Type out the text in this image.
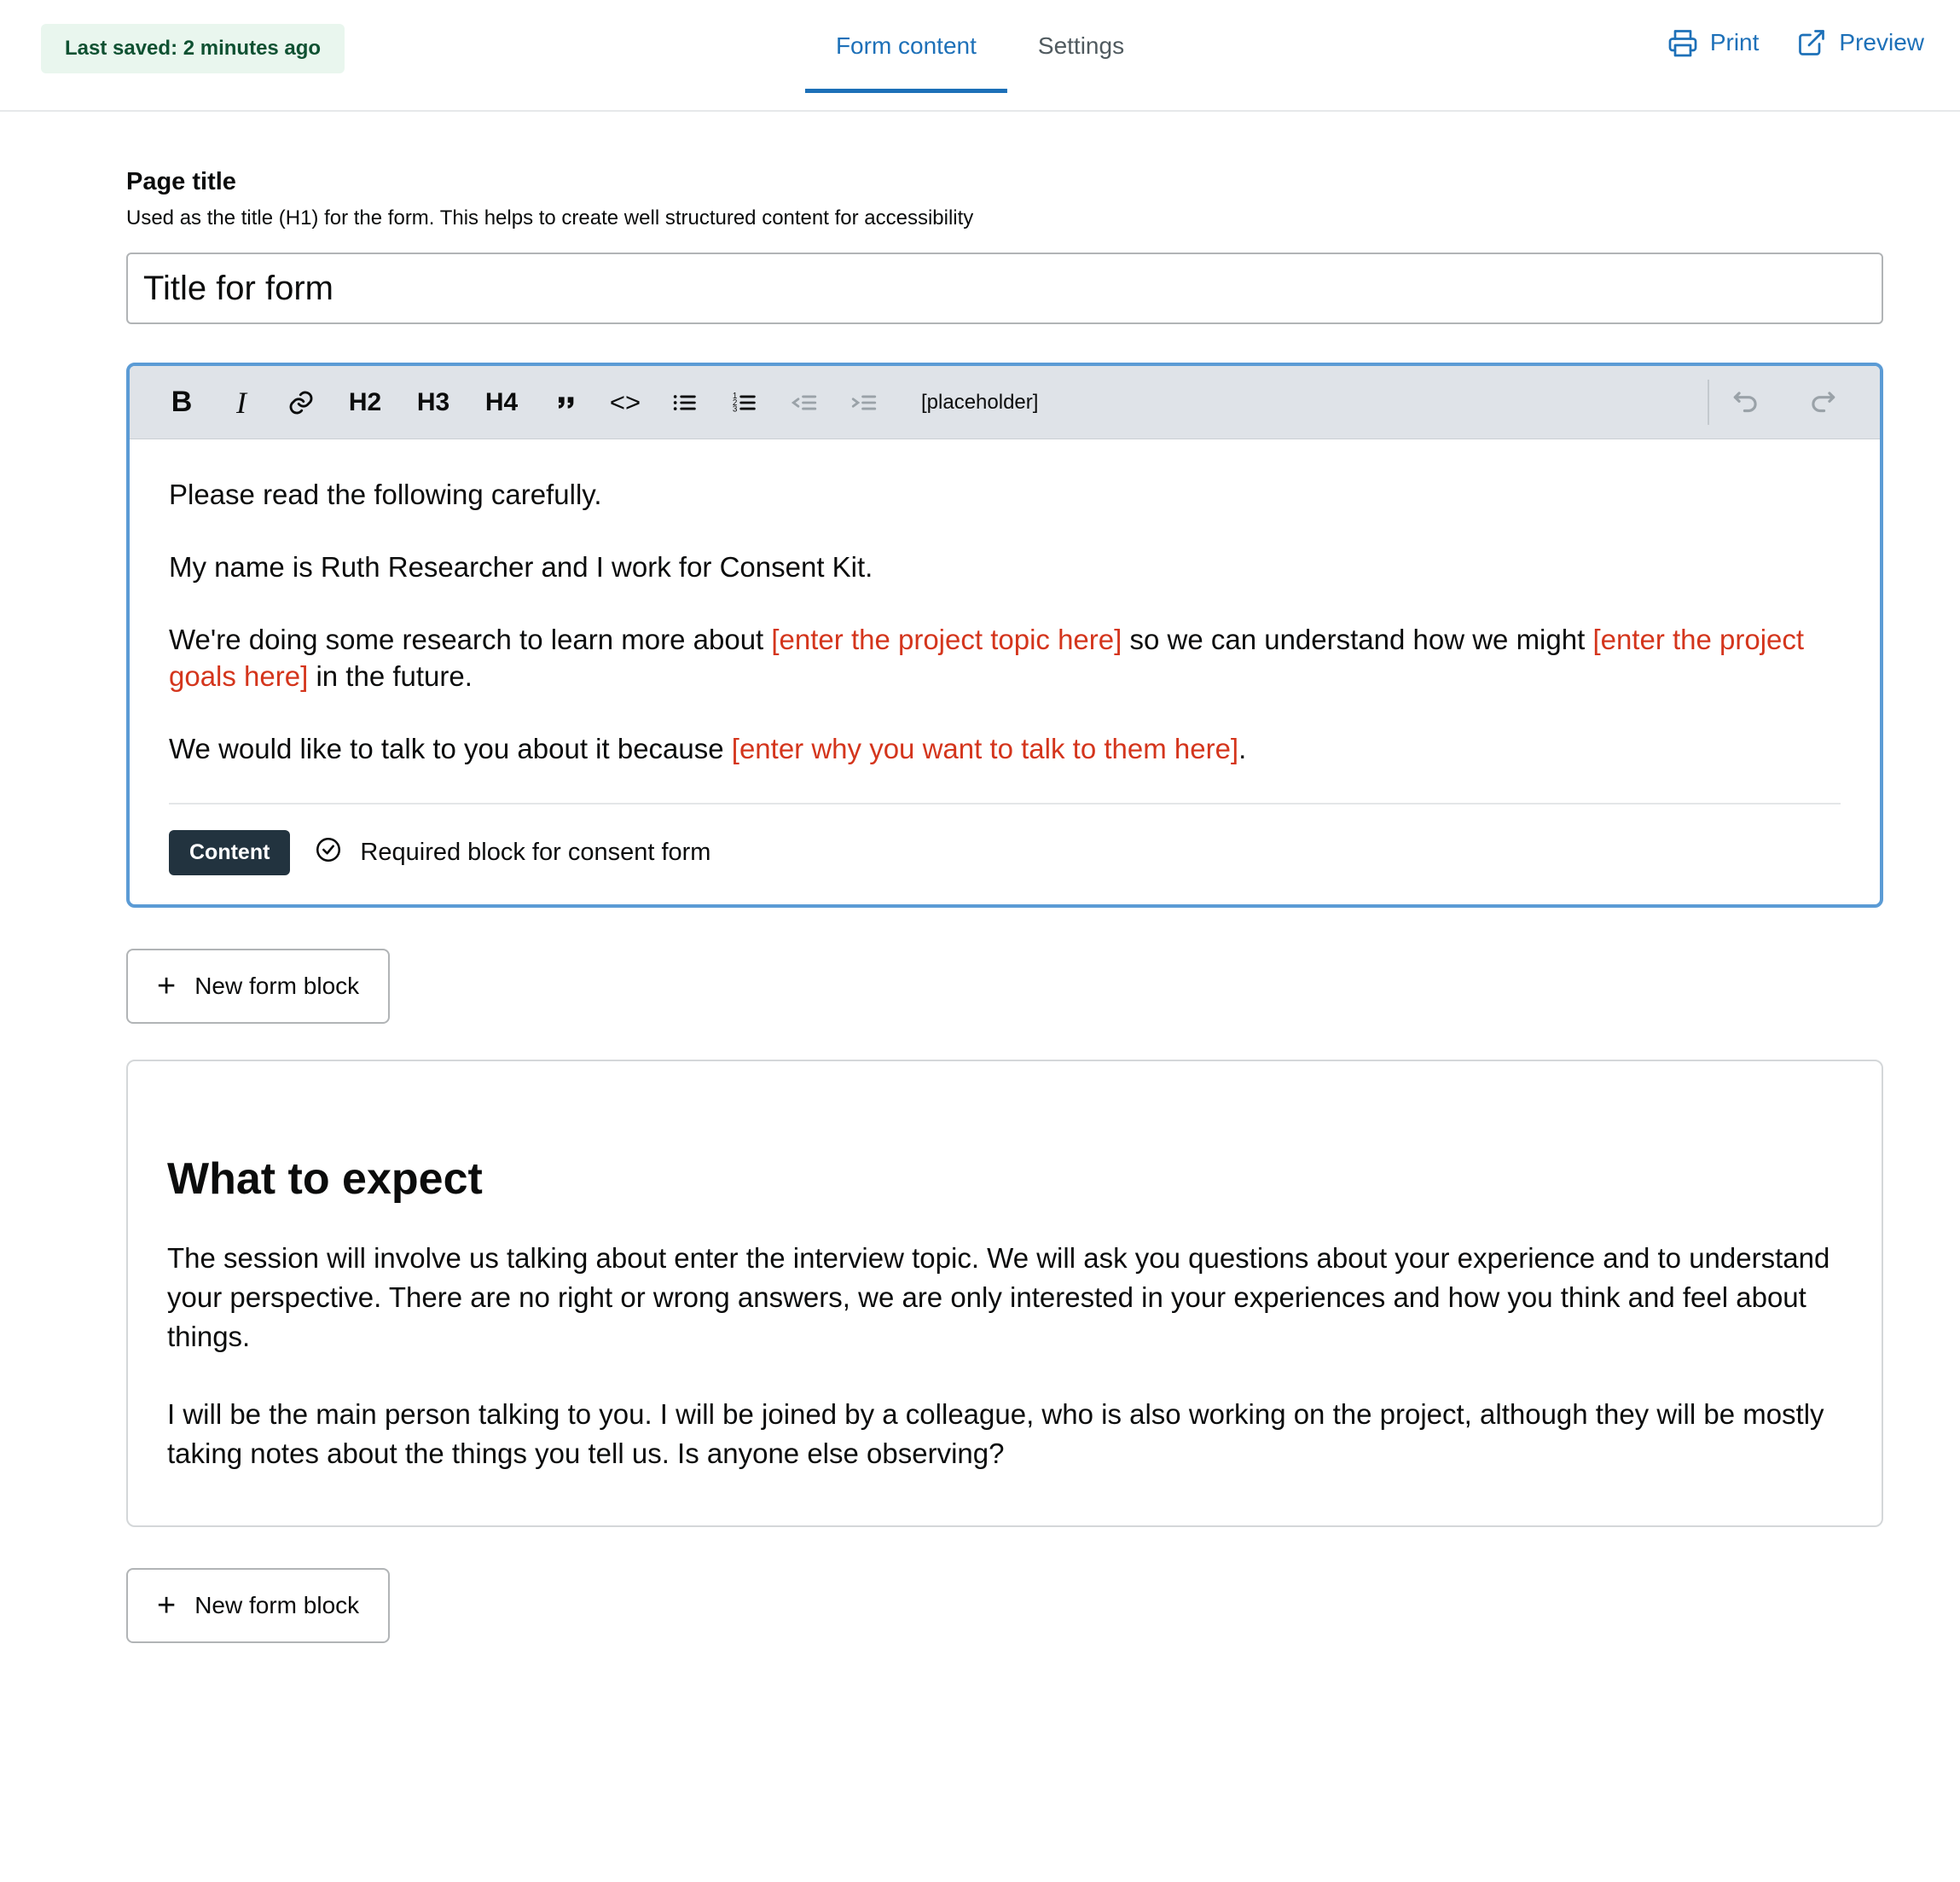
Last saved: 2 minutes ago	Form content	Settings	Print	Preview
Page title
Used as the title (H1) for the form. This helps to create well structured content for accessibility
Title for form
B	I	H2	H3	H4	<>	1
2
3	[placeholder]

Please read the following carefully.

My name is Ruth Researcher and I work for Consent Kit.

We're doing some research to learn more about [enter the project topic here] so we can understand how we might [enter the project goals here] in the future.

We would like to talk to you about it because [enter why you want to talk to them here].

Content	Required block for consent form
+ New form block
What to expect

The session will involve us talking about enter the interview topic. We will ask you questions about your experience and to understand your perspective. There are no right or wrong answers, we are only interested in your experiences and how you think and feel about things.

I will be the main person talking to you. I will be joined by a colleague, who is also working on the project, although they will be mostly taking notes about the things you tell us. Is anyone else observing?

+ New form block
